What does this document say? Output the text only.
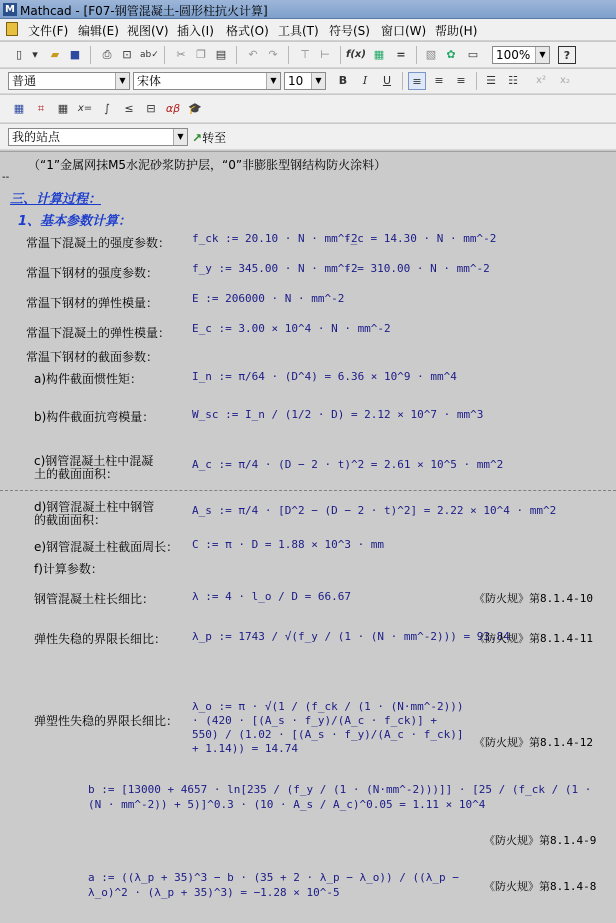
M Mathcad - [F07-钢管混凝土-圆形柱抗火计算]
文件(F) 编辑(E) 视图(V) 插入(I) 格式(O) 工具(T) 符号(S) 窗口(W) 帮助(H)
▯ ▾	▰ ■	⎙ ⊡ ab✓	✂ ❐ ▤	↶ ↷	⊤ ⊢	f(x) ▦	=	▧ ✿	▭	100%	▼	?
普通	▼ 宋体	▼ 10	▼	B	I	U	≡	≡	≡	☰	☷	x²	x₂
▦	⌗	▦ x=	∫	≤	⊟ αβ 🎓
我的站点	▼ ↗转至
（“1”金属网抹M5水泥砂浆防护层，“0”非膨胀型钢结构防火涂料）
--
三、计算过程：
1、基本参数计算：
常温下混凝土的强度参数： f_ck := 20.10 · N · mm^-2
f_c = 14.30 · N · mm^-2
常温下钢材的强度参数：	f_y := 345.00 · N · mm^-2
f = 310.00 · N · mm^-2
常温下钢材的弹性模量：	E := 206000 · N · mm^-2
常温下混凝土的弹性模量： E_c := 3.00 × 10^4 · N · mm^-2
常温下钢材的截面参数：
a)构件截面惯性矩：	I_n := π/64 · (D^4) = 6.36 × 10^9 · mm^4
b)构件截面抗弯模量：	W_sc := I_n / (1/2 · D) = 2.12 × 10^7 · mm^3
c)钢管混凝土柱中混凝
土的截面面积：
A_c := π/4 · (D − 2 · t)^2 = 2.61 × 10^5 · mm^2
d)钢管混凝土柱中钢管
的截面面积：
A_s := π/4 · [D^2 − (D − 2 · t)^2] = 2.22 × 10^4 · mm^2
e)钢管混凝土柱截面周长： C := π · D = 1.88 × 10^3 · mm
f)计算参数：
钢管混凝土柱长细比：	λ := 4 · l_o / D = 66.67	《防火规》第8.1.4-10
弹性失稳的界限长细比： λ_p := 1743 / √(f_y / (1 · (N · mm^-2))) = 93.84
《防火规》第8.1.4-11
弹塑性失稳的界限长细比：
λ_o := π · √(1 / (f_ck / (1 · (N·mm^-2))) · (420 · [(A_s · f_y)/(A_c · f_ck)] + 550) / (1.02 · [(A_s · f_y)/(A_c · f_ck)] + 1.14)) = 14.74	《防火规》第8.1.4-12
b := [13000 + 4657 · ln[235 / (f_y / (1 · (N·mm^-2)))]] · [25 / (f_ck / (1 · (N · mm^-2)) + 5)]^0.3 · (10 · A_s / A_c)^0.05 = 1.11 × 10^4
《防火规》第8.1.4-9
a := ((λ_p + 35)^3 − b · (35 + 2 · λ_p − λ_o)) / ((λ_p − λ_o)^2 · (λ_p + 35)^3) = −1.28 × 10^-5	《防火规》第8.1.4-8
